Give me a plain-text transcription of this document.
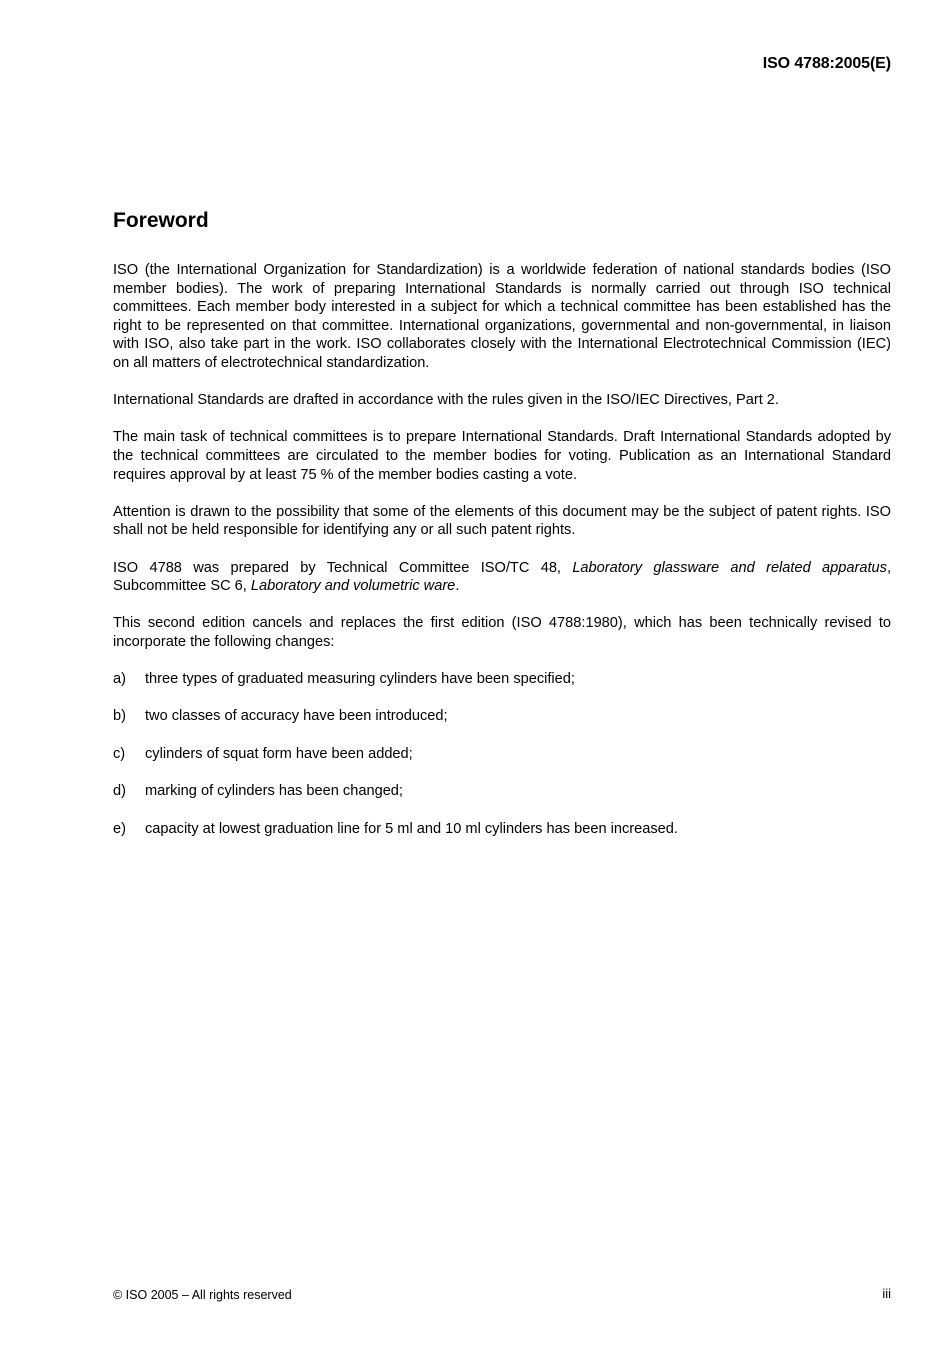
ISO 4788:2005(E)
Foreword

ISO (the International Organization for Standardization) is a worldwide federation of national standards bodies (ISO member bodies). The work of preparing International Standards is normally carried out through ISO technical committees. Each member body interested in a subject for which a technical committee has been established has the right to be represented on that committee. International organizations, governmental and non-governmental, in liaison with ISO, also take part in the work. ISO collaborates closely with the International Electrotechnical Commission (IEC) on all matters of electrotechnical standardization.

International Standards are drafted in accordance with the rules given in the ISO/IEC Directives, Part 2.

The main task of technical committees is to prepare International Standards. Draft International Standards adopted by the technical committees are circulated to the member bodies for voting. Publication as an International Standard requires approval by at least 75 % of the member bodies casting a vote.

Attention is drawn to the possibility that some of the elements of this document may be the subject of patent rights. ISO shall not be held responsible for identifying any or all such patent rights.

ISO 4788 was prepared by Technical Committee ISO/TC 48, Laboratory glassware and related apparatus, Subcommittee SC 6, Laboratory and volumetric ware.

This second edition cancels and replaces the first edition (ISO 4788:1980), which has been technically revised to incorporate the following changes:

a)	three types of graduated measuring cylinders have been specified;
b)	two classes of accuracy have been introduced;
c)	cylinders of squat form have been added;
d)	marking of cylinders has been changed;
e)	capacity at lowest graduation line for 5 ml and 10 ml cylinders has been increased.
© ISO 2005 – All rights reserved	iii
